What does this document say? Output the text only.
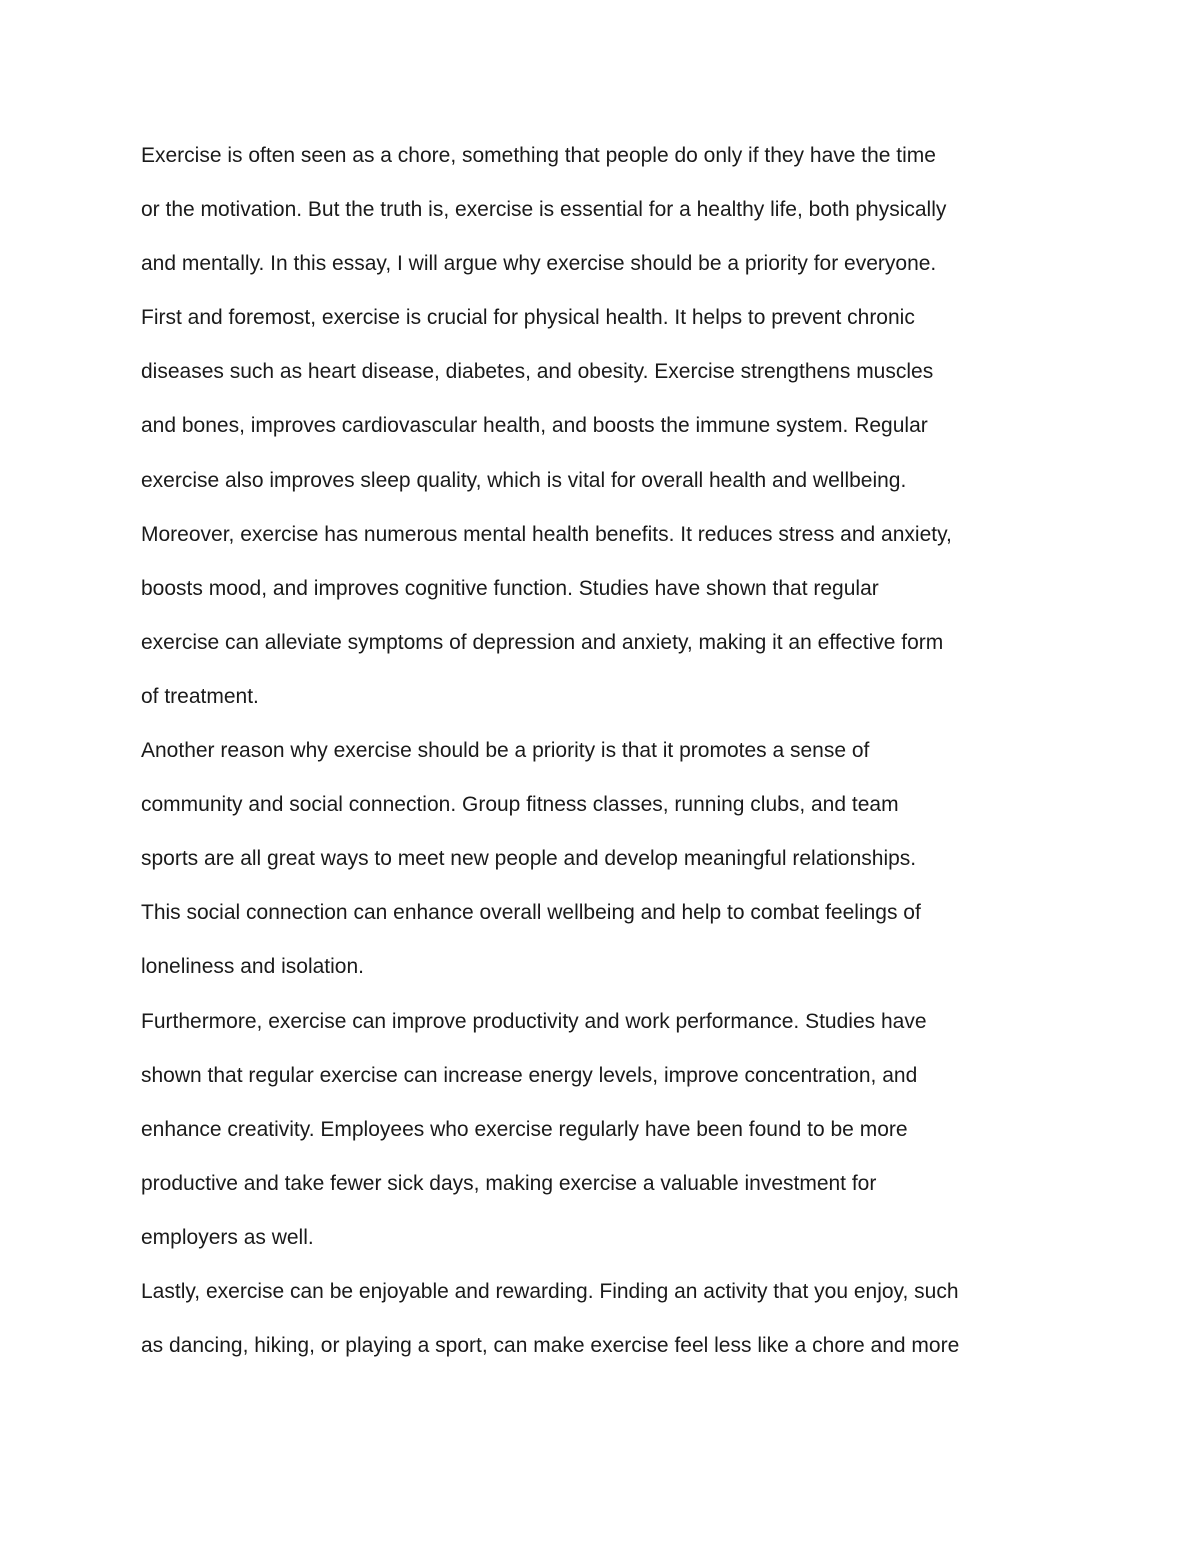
Exercise is often seen as a chore, something that people do only if they have the time
or the motivation. But the truth is, exercise is essential for a healthy life, both physically
and mentally. In this essay, I will argue why exercise should be a priority for everyone.
First and foremost, exercise is crucial for physical health. It helps to prevent chronic
diseases such as heart disease, diabetes, and obesity. Exercise strengthens muscles
and bones, improves cardiovascular health, and boosts the immune system. Regular
exercise also improves sleep quality, which is vital for overall health and wellbeing.
Moreover, exercise has numerous mental health benefits. It reduces stress and anxiety,
boosts mood, and improves cognitive function. Studies have shown that regular
exercise can alleviate symptoms of depression and anxiety, making it an effective form
of treatment.
Another reason why exercise should be a priority is that it promotes a sense of
community and social connection. Group fitness classes, running clubs, and team
sports are all great ways to meet new people and develop meaningful relationships.
This social connection can enhance overall wellbeing and help to combat feelings of
loneliness and isolation.
Furthermore, exercise can improve productivity and work performance. Studies have
shown that regular exercise can increase energy levels, improve concentration, and
enhance creativity. Employees who exercise regularly have been found to be more
productive and take fewer sick days, making exercise a valuable investment for
employers as well.
Lastly, exercise can be enjoyable and rewarding. Finding an activity that you enjoy, such
as dancing, hiking, or playing a sport, can make exercise feel less like a chore and more
